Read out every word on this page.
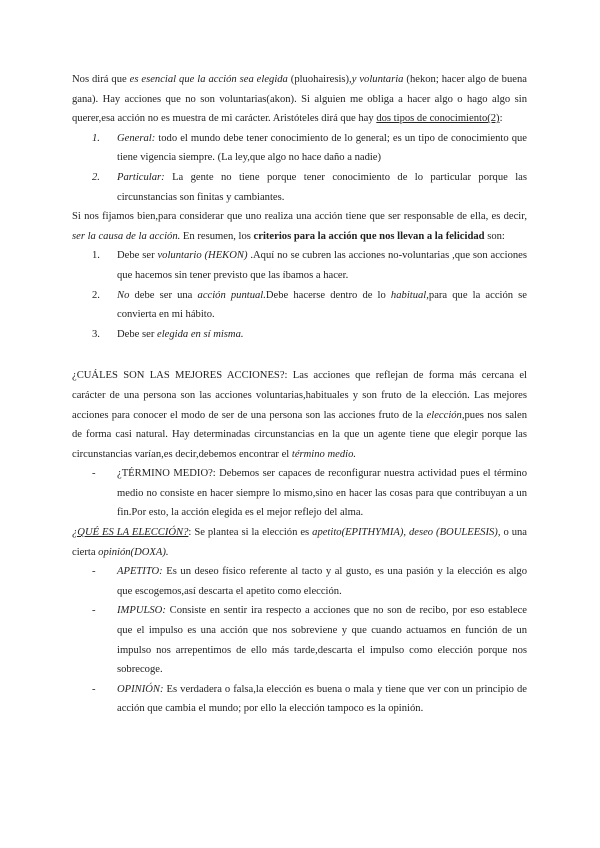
Nos dirá que es esencial que la acción sea elegida (pluohairesis),y voluntaria (hekon; hacer algo de buena gana). Hay acciones que no son voluntarias(akon). Si alguien me obliga a hacer algo o hago algo sin querer,esa acción no es muestra de mi carácter. Aristóteles dirá que hay dos tipos de conocimiento(2):

1. General: todo el mundo debe tener conocimiento de lo general; es un tipo de conocimiento que tiene vigencia siempre. (La ley,que algo no hace daño a nadie)
2. Particular: La gente no tiene porque tener conocimiento de lo particular porque las circunstancias son finitas y cambiantes.

Si nos fijamos bien,para considerar que uno realiza una acción tiene que ser responsable de ella, es decir, ser la causa de la acción. En resumen, los criterios para la acción que nos llevan a la felicidad son:

1. Debe ser voluntario (HEKON) .Aquí no se cubren las acciones no-voluntarias ,que son acciones que hacemos sin tener previsto que las íbamos a hacer.
2. No debe ser una acción puntual.Debe hacerse dentro de lo habitual,para que la acción se convierta en mi hábito.
3. Debe ser elegida en sí misma.

¿CUÁLES SON LAS MEJORES ACCIONES?: Las acciones que reflejan de forma más cercana el carácter de una persona son las acciones voluntarias,habituales y son fruto de la elección. Las mejores acciones para conocer el modo de ser de una persona son las acciones fruto de la elección,pues nos salen de forma casi natural. Hay determinadas circunstancias en la que un agente tiene que elegir porque las circunstancias varían,es decir,debemos encontrar el término medio.

- ¿TÉRMINO MEDIO?: Debemos ser capaces de reconfigurar nuestra actividad pues el término medio no consiste en hacer siempre lo mismo,sino en hacer las cosas para que contribuyan a un fin.Por esto, la acción elegida es el mejor reflejo del alma.

¿QUÉ ES LA ELECCIÓN?: Se plantea si la elección es apetito(EPITHYMIA), deseo (BOULEESIS), o una cierta opinión(DOXA).

- APETITO: Es un deseo físico referente al tacto y al gusto, es una pasión y la elección es algo que escogemos,así descarta el apetito como elección.
- IMPULSO: Consiste en sentir ira respecto a acciones que no son de recibo, por eso establece que el impulso es una acción que nos sobreviene y que cuando actuamos en función de un impulso nos arrepentimos de ello más tarde,descarta el impulso como elección porque nos sobrecoge.
- OPINIÓN: Es verdadera o falsa,la elección es buena o mala y tiene que ver con un principio de acción que cambia el mundo; por ello la elección tampoco es la opinión.
